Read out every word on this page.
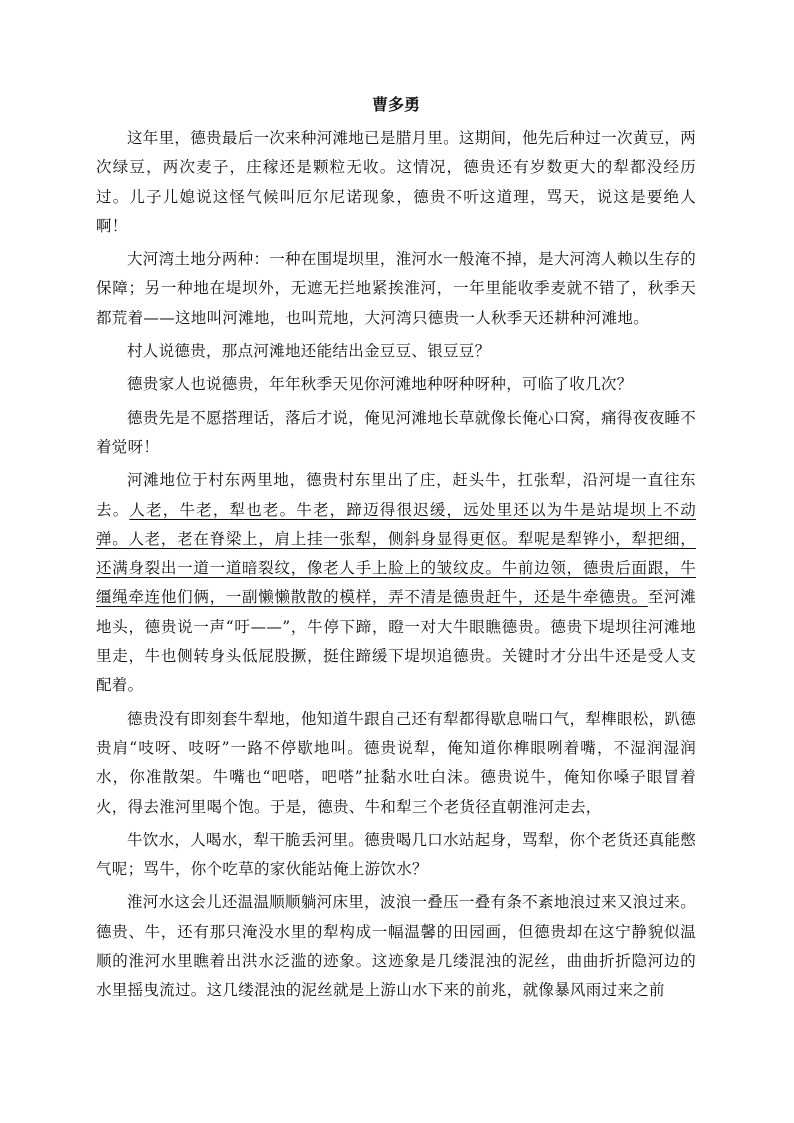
曹多勇

这年里，德贵最后一次来种河滩地已是腊月里。这期间，他先后种过一次黄豆，两次绿豆，两次麦子，庄稼还是颗粒无收。这情况，德贵还有岁数更大的犁都没经历过。儿子儿媳说这怪气候叫厄尔尼诺现象，德贵不听这道理，骂天，说这是要绝人啊！

大河湾土地分两种：一种在围堤坝里，淮河水一般淹不掉，是大河湾人赖以生存的保障；另一种地在堤坝外，无遮无拦地紧挨淮河，一年里能收季麦就不错了，秋季天都荒着——这地叫河滩地，也叫荒地，大河湾只德贵一人秋季天还耕种河滩地。

村人说德贵，那点河滩地还能结出金豆豆、银豆豆？

德贵家人也说德贵，年年秋季天见你河滩地种呀种呀种，可临了收几次？

德贵先是不愿搭理话，落后才说，俺见河滩地长草就像长俺心口窝，痛得夜夜睡不着觉呀！

河滩地位于村东两里地，德贵村东里出了庄，赶头牛，扛张犁，沿河堤一直往东去。人老，牛老，犁也老。牛老，蹄迈得很迟缓，远处里还以为牛是站堤坝上不动弹。人老，老在脊梁上，肩上挂一张犁，侧斜身显得更伛。犁呢是犁铧小，犁把细，还满身裂出一道一道暗裂纹，像老人手上脸上的皱纹皮。牛前边领，德贵后面跟，牛缰绳牵连他们俩，一副懒懒散散的模样，弄不清是德贵赶牛，还是牛牵德贵。至河滩地头，德贵说一声“吁——”，牛停下蹄，瞪一对大牛眼瞧德贵。德贵下堤坝往河滩地里走，牛也侧转身头低屁股撅，挺住蹄缓下堤坝追德贵。关键时才分出牛还是受人支配着。

德贵没有即刻套牛犁地，他知道牛跟自己还有犁都得歇息喘口气，犁榫眼松，趴德贵肩“吱呀、吱呀”一路不停歇地叫。德贵说犁，俺知道你榫眼咧着嘴，不湿润湿润水，你准散架。牛嘴也“吧嗒，吧嗒”扯黏水吐白沫。德贵说牛，俺知你嗓子眼冒着火，得去淮河里喝个饱。于是，德贵、牛和犁三个老货径直朝淮河走去，

牛饮水，人喝水，犁干脆丢河里。德贵喝几口水站起身，骂犁，你个老货还真能憋气呢；骂牛，你个吃草的家伙能站俺上游饮水？

淮河水这会儿还温温顺顺躺河床里，波浪一叠压一叠有条不紊地浪过来又浪过来。德贵、牛，还有那只淹没水里的犁构成一幅温馨的田园画，但德贵却在这宁静貌似温顺的淮河水里瞧着出洪水泛滥的迹象。这迹象是几缕混浊的泥丝，曲曲折折隐河边的水里摇曳流过。这几缕混浊的泥丝就是上游山水下来的前兆，就像暴风雨过来之前
